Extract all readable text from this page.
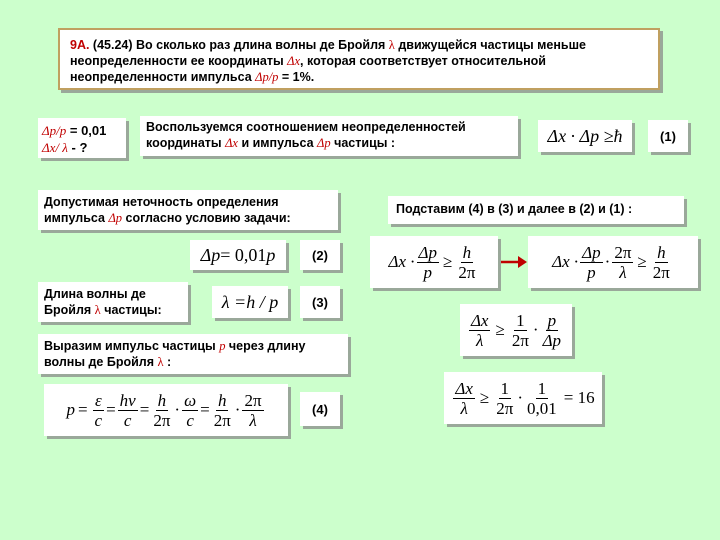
9А. (45.24) Во сколько раз длина волны де Бройля λ движущейся частицы меньше неопределенности ее координаты Δx, которая соответствует относительной неопределенности импульса Δp/p = 1%.
Δp/p = 0,01
Δx/ λ - ?
Воспользуемся соотношением неопределенностей координаты Δx и импульса Δp частицы :	Δx · Δp ≥ ħ	(1)
Допустимая неточность определения импульса Δp согласно условию задачи:
Δp = 0,01 p	(2)
Длина волны де Бройля λ частицы:	λ = h / p	(3)
Выразим импульс частицы p через длину волны де Бройля λ :
$p = \frac{\varepsilon}{c} = \frac{h\nu}{c} = \frac{h}{2\pi} \cdot \frac{\omega}{c} = \frac{h}{2\pi} \cdot \frac{2\pi}{\lambda}$	(4)
Подставим (4) в (3) и далее в (2) и (1) :
$\Delta x \cdot \frac{\Delta p}{p} \ge \frac{h}{2\pi}$	$\Delta x \cdot \frac{\Delta p}{p} \cdot \frac{2\pi}{\lambda} \ge \frac{h}{2\pi}$
$\frac{\Delta x}{\lambda} \ge \frac{1}{2\pi} \cdot \frac{p}{\Delta p}$
$\frac{\Delta x}{\lambda} \ge \frac{1}{2\pi} \cdot \frac{1}{0,01} = 16$
